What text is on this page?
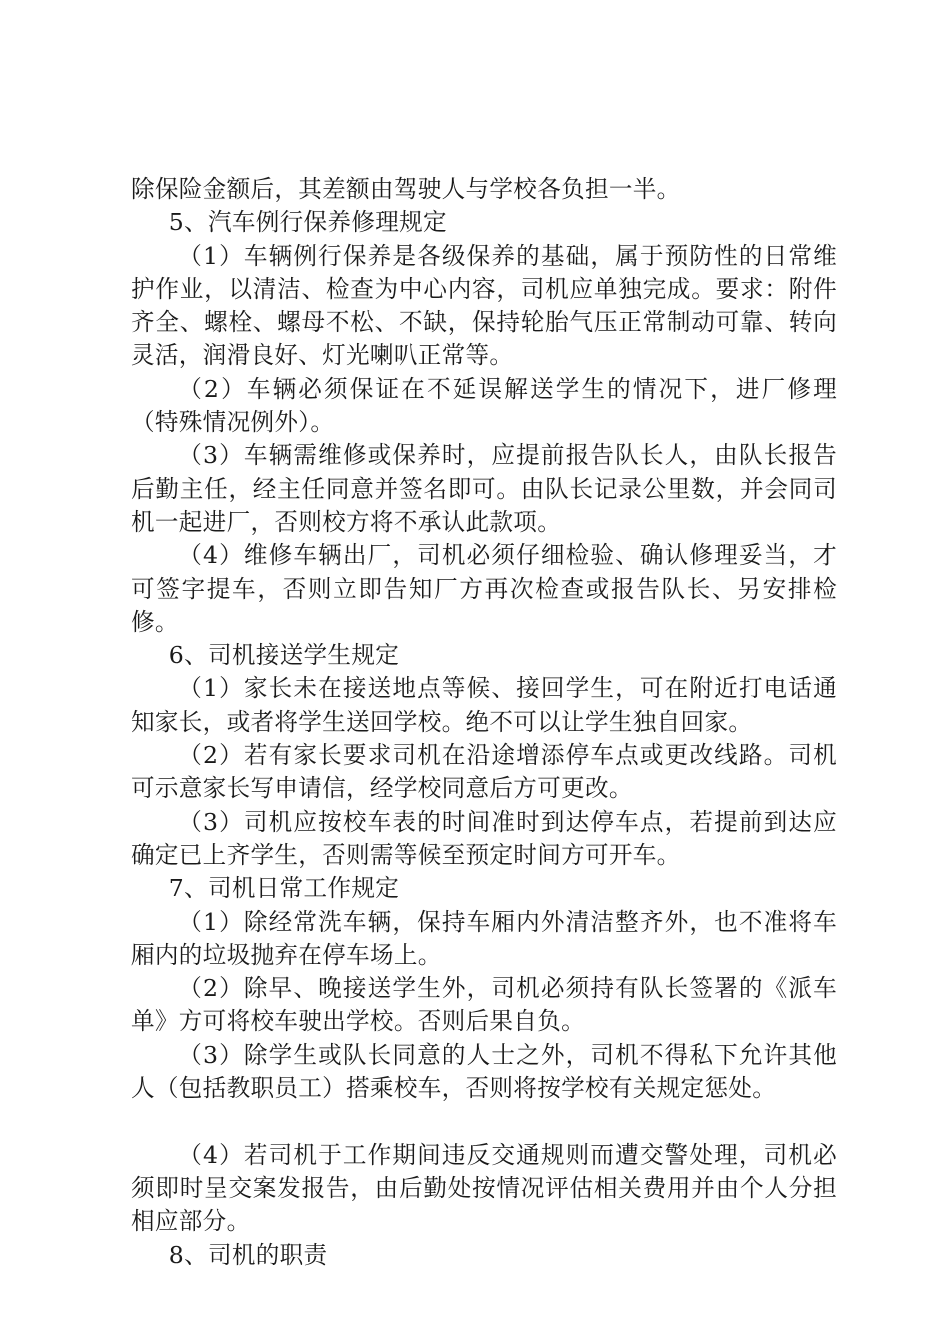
除保险金额后，其差额由驾驶人与学校各负担一半。

5、汽车例行保养修理规定

（1）车辆例行保养是各级保养的基础，属于预防性的日常维护作业，以清洁、检查为中心内容，司机应单独完成。要求：附件齐全、螺栓、螺母不松、不缺，保持轮胎气压正常制动可靠、转向灵活，润滑良好、灯光喇叭正常等。

（2）车辆必须保证在不延误解送学生的情况下，进厂修理（特殊情况例外）。

（3）车辆需维修或保养时，应提前报告队长人，由队长报告后勤主任，经主任同意并签名即可。由队长记录公里数，并会同司机一起进厂，否则校方将不承认此款项。

（4）维修车辆出厂，司机必须仔细检验、确认修理妥当，才可签字提车，否则立即告知厂方再次检查或报告队长、另安排检修。

6、司机接送学生规定

（1）家长未在接送地点等候、接回学生，可在附近打电话通知家长，或者将学生送回学校。绝不可以让学生独自回家。

（2）若有家长要求司机在沿途增添停车点或更改线路。司机可示意家长写申请信，经学校同意后方可更改。

（3）司机应按校车表的时间准时到达停车点，若提前到达应确定已上齐学生，否则需等候至预定时间方可开车。

7、司机日常工作规定

（1）除经常洗车辆，保持车厢内外清洁整齐外，也不准将车厢内的垃圾抛弃在停车场上。

（2）除早、晚接送学生外，司机必须持有队长签署的《派车单》方可将校车驶出学校。否则后果自负。

（3）除学生或队长同意的人士之外，司机不得私下允许其他人（包括教职员工）搭乘校车，否则将按学校有关规定惩处。

（4）若司机于工作期间违反交通规则而遭交警处理，司机必须即时呈交案发报告，由后勤处按情况评估相关费用并由个人分担相应部分。

8、司机的职责
